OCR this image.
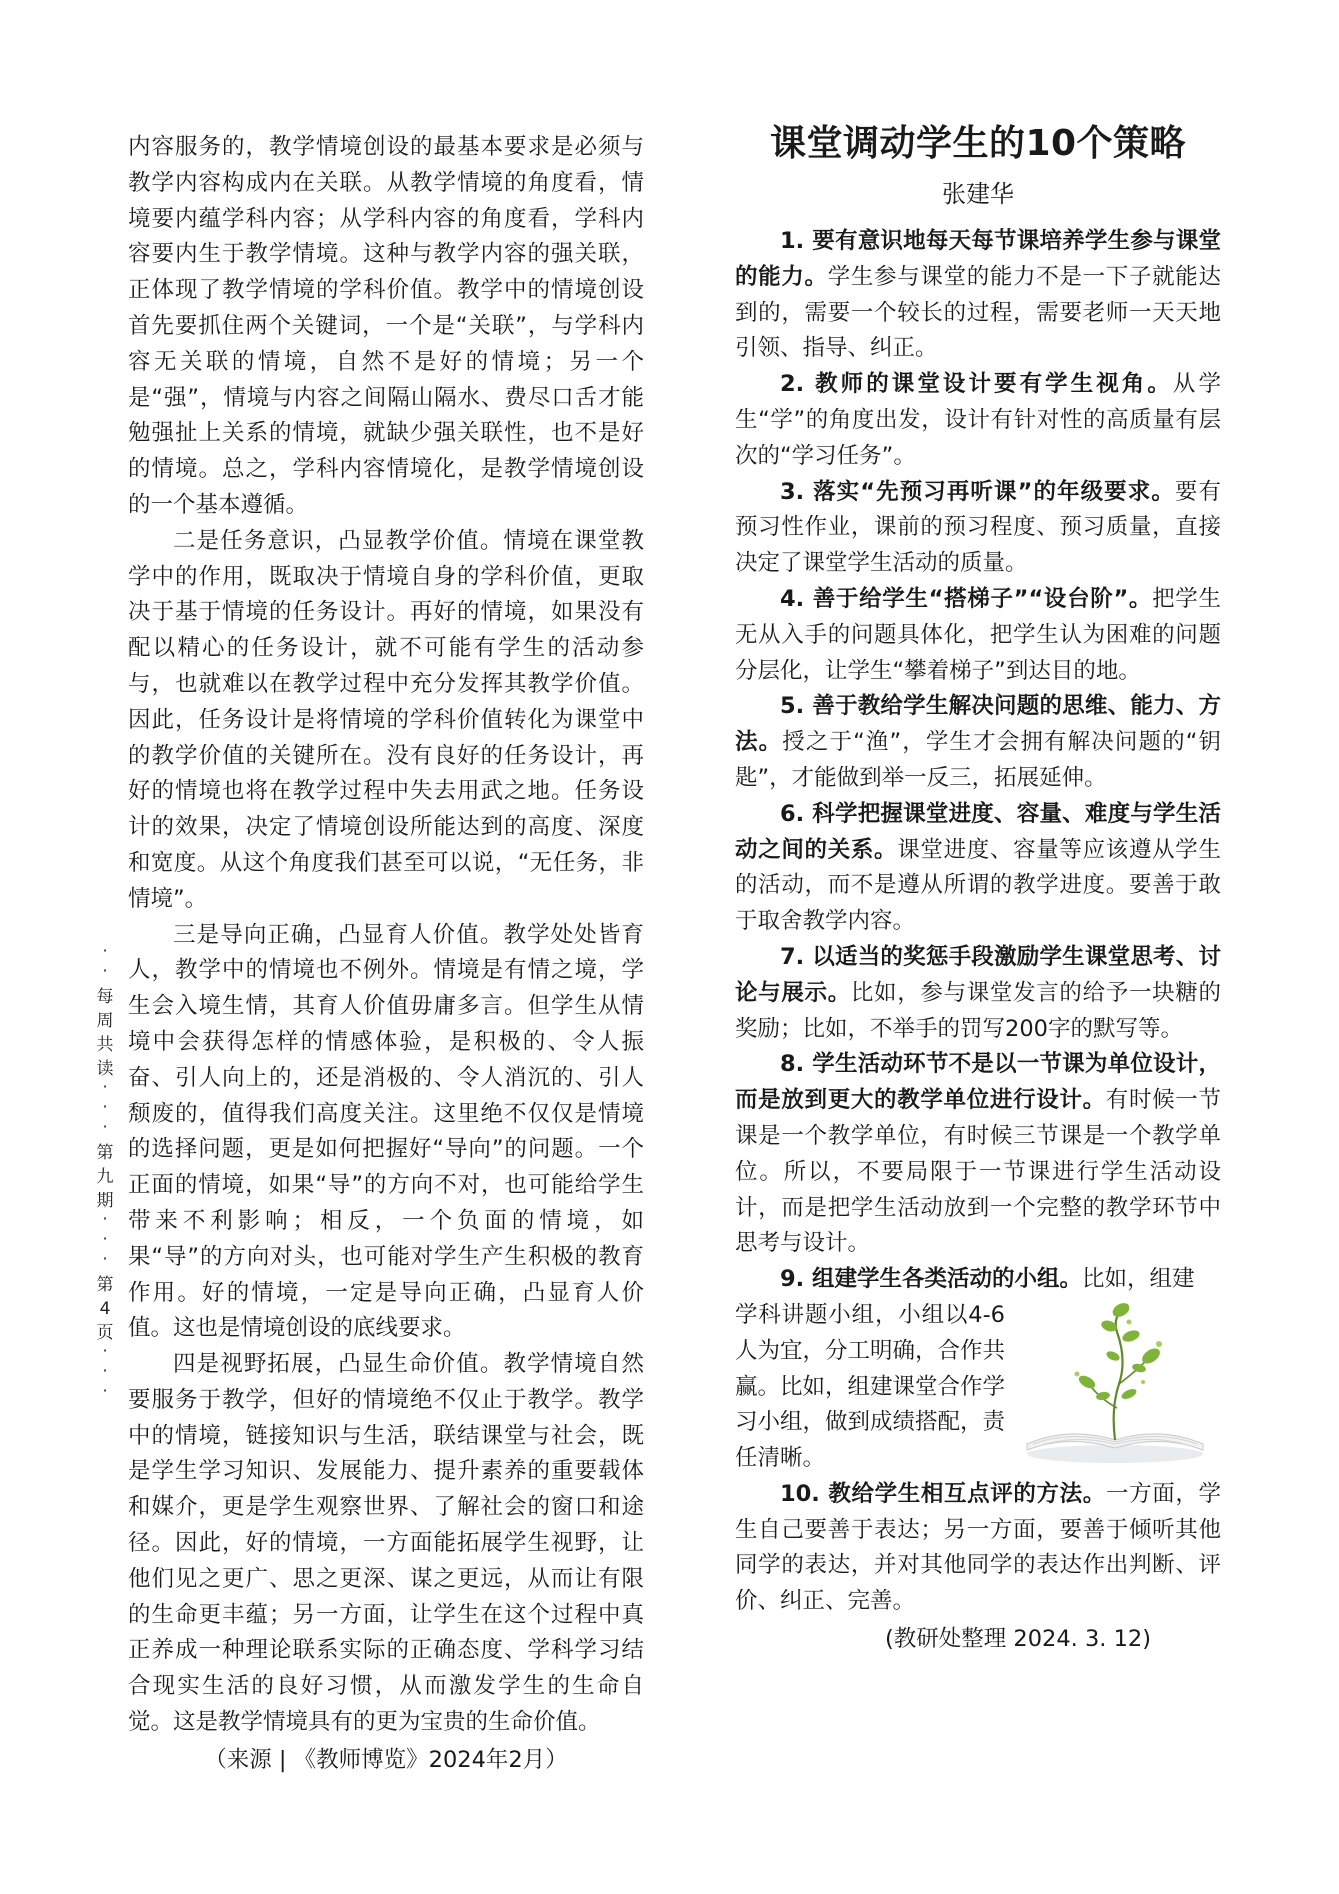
·
·
每
周
共
读
·
·
·
第
九
期
·
·
·
第
4
页
·
·
·

内容服务的，教学情境创设的最基本要求是必须与教学内容构成内在关联。从教学情境的角度看，情境要内蕴学科内容；从学科内容的角度看，学科内容要内生于教学情境。这种与教学内容的强关联，正体现了教学情境的学科价值。教学中的情境创设首先要抓住两个关键词，一个是“关联”，与学科内容无关联的情境，自然不是好的情境；另一个是“强”，情境与内容之间隔山隔水、费尽口舌才能勉强扯上关系的情境，就缺少强关联性，也不是好的情境。总之，学科内容情境化，是教学情境创设的一个基本遵循。

二是任务意识，凸显教学价值。情境在课堂教学中的作用，既取决于情境自身的学科价值，更取决于基于情境的任务设计。再好的情境，如果没有配以精心的任务设计，就不可能有学生的活动参与，也就难以在教学过程中充分发挥其教学价值。因此，任务设计是将情境的学科价值转化为课堂中的教学价值的关键所在。没有良好的任务设计，再好的情境也将在教学过程中失去用武之地。任务设计的效果，决定了情境创设所能达到的高度、深度和宽度。从这个角度我们甚至可以说，“无任务，非情境”。

三是导向正确，凸显育人价值。教学处处皆育人，教学中的情境也不例外。情境是有情之境，学生会入境生情，其育人价值毋庸多言。但学生从情境中会获得怎样的情感体验，是积极的、令人振奋、引人向上的，还是消极的、令人消沉的、引人颓废的，值得我们高度关注。这里绝不仅仅是情境的选择问题，更是如何把握好“导向”的问题。一个正面的情境，如果“导”的方向不对，也可能给学生带来不利影响；相反，一个负面的情境，如果“导”的方向对头，也可能对学生产生积极的教育作用。好的情境，一定是导向正确，凸显育人价值。这也是情境创设的底线要求。

四是视野拓展，凸显生命价值。教学情境自然要服务于教学，但好的情境绝不仅止于教学。教学中的情境，链接知识与生活，联结课堂与社会，既是学生学习知识、发展能力、提升素养的重要载体和媒介，更是学生观察世界、了解社会的窗口和途径。因此，好的情境，一方面能拓展学生视野，让他们见之更广、思之更深、谋之更远，从而让有限的生命更丰蕴；另一方面，让学生在这个过程中真正养成一种理论联系实际的正确态度、学科学习结合现实生活的良好习惯，从而激发学生的生命自觉。这是教学情境具有的更为宝贵的生命价值。

（来源 | 《教师博览》2024年2月）

课堂调动学生的10个策略
张建华

1. 要有意识地每天每节课培养学生参与课堂的能力。学生参与课堂的能力不是一下子就能达到的，需要一个较长的过程，需要老师一天天地引领、指导、纠正。

2. 教师的课堂设计要有学生视角。从学生“学”的角度出发，设计有针对性的高质量有层次的“学习任务”。

3. 落实“先预习再听课”的年级要求。要有预习性作业，课前的预习程度、预习质量，直接决定了课堂学生活动的质量。

4. 善于给学生“搭梯子”“设台阶”。把学生无从入手的问题具体化，把学生认为困难的问题分层化，让学生“攀着梯子”到达目的地。

5. 善于教给学生解决问题的思维、能力、方法。授之于“渔”，学生才会拥有解决问题的“钥匙”，才能做到举一反三，拓展延伸。

6. 科学把握课堂进度、容量、难度与学生活动之间的关系。课堂进度、容量等应该遵从学生的活动，而不是遵从所谓的教学进度。要善于敢于取舍教学内容。

7. 以适当的奖惩手段激励学生课堂思考、讨论与展示。比如，参与课堂发言的给予一块糖的奖励；比如，不举手的罚写200字的默写等。

8. 学生活动环节不是以一节课为单位设计，而是放到更大的教学单位进行设计。有时候一节课是一个教学单位，有时候三节课是一个教学单位。所以，不要局限于一节课进行学生活动设计，而是把学生活动放到一个完整的教学环节中思考与设计。

9. 组建学生各类活动的小组。比如，组建

学科讲题小组，小组以4-6人为宜，分工明确，合作共赢。比如，组建课堂合作学习小组，做到成绩搭配，责任清晰。

10. 教给学生相互点评的方法。一方面，学生自己要善于表达；另一方面，要善于倾听其他同学的表达，并对其他同学的表达作出判断、评价、纠正、完善。

(教研处整理 2024. 3. 12)
